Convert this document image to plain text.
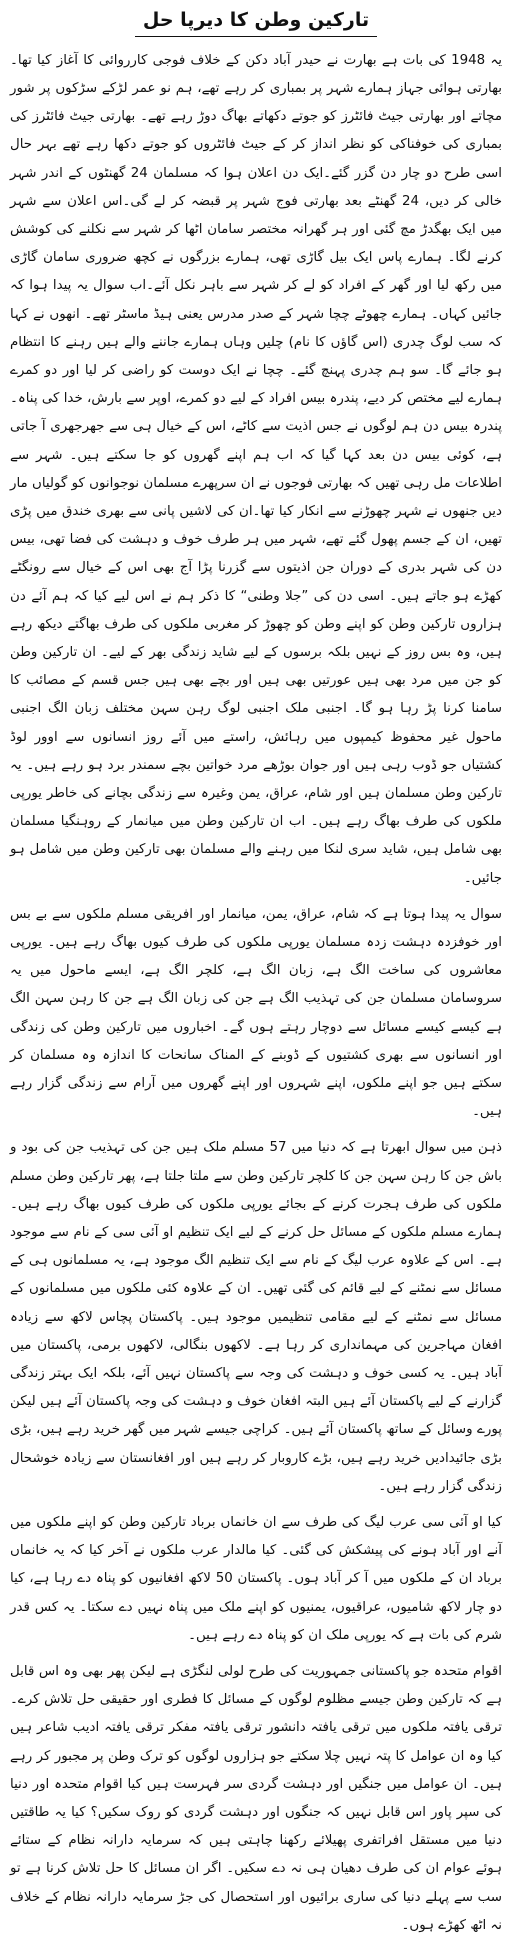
تارکین وطن کا دیرپا حل

یہ 1948 کی بات ہے بھارت نے حیدر آباد دکن کے خلاف فوجی کارروائی کا آغاز کیا تھا۔ بھارتی ہوائی جہاز ہمارے شہر پر بمباری کر رہے تھے، ہم نو عمر لڑکے سڑکوں پر شور مچاتے اور بھارتی جیٹ فائٹرز کو جوتے دکھاتے بھاگ دوڑ رہے تھے۔ بھارتی جیٹ فائٹرز کی بمباری کی خوفناکی کو نظر انداز کر کے جیٹ فائٹروں کو جوتے دکھا رہے تھے بہر حال اسی طرح دو چار دن گزر گئے۔ایک دن اعلان ہوا کہ مسلمان 24 گھنٹوں کے اندر شہر خالی کر دیں، 24 گھنٹے بعد بھارتی فوج شہر پر قبضہ کر لے گی۔اس اعلان سے شہر میں ایک بھگدڑ مچ گئی اور ہر گھرانہ مختصر سامان اٹھا کر شہر سے نکلنے کی کوشش کرنے لگا۔ ہمارے پاس ایک بیل گاڑی تھی، ہمارے بزرگوں نے کچھ ضروری سامان گاڑی میں رکھ لیا اور گھر کے افراد کو لے کر شہر سے باہر نکل آئے۔اب سوال یہ پیدا ہوا کہ جائیں کہاں۔ ہمارے چھوٹے چچا شہر کے صدر مدرس یعنی ہیڈ ماسٹر تھے۔ انھوں نے کہا کہ سب لوگ چدری (اس گاؤں کا نام) چلیں وہاں ہمارے جاننے والے ہیں رہنے کا انتظام ہو جائے گا۔ سو ہم چدری پہنچ گئے۔ چچا نے ایک دوست کو راضی کر لیا اور دو کمرے ہمارے لیے مختص کر دیے، پندرہ بیس افراد کے لیے دو کمرے، اوپر سے بارش، خدا کی پناہ۔ پندرہ بیس دن ہم لوگوں نے جس اذیت سے کاٹے، اس کے خیال ہی سے جھرجھری آ جاتی ہے، کوئی بیس دن بعد کہا گیا کہ اب ہم اپنے گھروں کو جا سکتے ہیں۔ شہر سے اطلاعات مل رہی تھیں کہ بھارتی فوجوں نے ان سرپھرے مسلمان نوجوانوں کو گولیاں مار دیں جنھوں نے شہر چھوڑنے سے انکار کیا تھا۔ان کی لاشیں پانی سے بھری خندق میں پڑی تھیں، ان کے جسم پھول گئے تھے، شہر میں ہر طرف خوف و دہشت کی فضا تھی، بیس دن کی شہر بدری کے دوران جن اذیتوں سے گزرنا پڑا آج بھی اس کے خیال سے رونگٹے کھڑے ہو جاتے ہیں۔ اسی دن کی ”جلا وطنی“ کا ذکر ہم نے اس لیے کیا کہ ہم آئے دن ہزاروں تارکین وطن کو اپنے وطن کو چھوڑ کر مغربی ملکوں کی طرف بھاگتے دیکھ رہے ہیں، وہ بس روز کے نہیں بلکہ برسوں کے لیے شاید زندگی بھر کے لیے۔ ان تارکین وطن کو جن میں مرد بھی ہیں عورتیں بھی ہیں اور بچے بھی ہیں جس قسم کے مصائب کا سامنا کرنا پڑ رہا ہو گا۔ اجنبی ملک اجنبی لوگ رہن سہن مختلف زبان الگ اجنبی ماحول غیر محفوظ کیمپوں میں رہائش، راستے میں آئے روز انسانوں سے اوور لوڈ کشتیاں جو ڈوب رہی ہیں اور جوان بوڑھے مرد خواتین بچے سمندر برد ہو رہے ہیں۔ یہ تارکین وطن مسلمان ہیں اور شام، عراق، یمن وغیرہ سے زندگی بچانے کی خاطر یورپی ملکوں کی طرف بھاگ رہے ہیں۔ اب ان تارکین وطن میں میانمار کے روہنگیا مسلمان بھی شامل ہیں، شاید سری لنکا میں رہنے والے مسلمان بھی تارکین وطن میں شامل ہو جائیں۔

سوال یہ پیدا ہوتا ہے کہ شام، عراق، یمن، میانمار اور افریقی مسلم ملکوں سے بے بس اور خوفزدہ دہشت زدہ مسلمان یورپی ملکوں کی طرف کیوں بھاگ رہے ہیں۔ یورپی معاشروں کی ساخت الگ ہے، زبان الگ ہے، کلچر الگ ہے، ایسے ماحول میں یہ سروسامان مسلمان جن کی تہذیب الگ ہے جن کی زبان الگ ہے جن کا رہن سہن الگ ہے کیسے کیسے مسائل سے دوچار رہتے ہوں گے۔ اخباروں میں تارکین وطن کی زندگی اور انسانوں سے بھری کشتیوں کے ڈوبنے کے المناک سانحات کا اندازہ وہ مسلمان کر سکتے ہیں جو اپنے ملکوں، اپنے شہروں اور اپنے گھروں میں آرام سے زندگی گزار رہے ہیں۔

ذہن میں سوال ابھرتا ہے کہ دنیا میں 57 مسلم ملک ہیں جن کی تہذیب جن کی بود و باش جن کا رہن سہن جن کا کلچر تارکین وطن سے ملتا جلتا ہے، پھر تارکین وطن مسلم ملکوں کی طرف ہجرت کرنے کے بجائے یورپی ملکوں کی طرف کیوں بھاگ رہے ہیں۔ ہمارے مسلم ملکوں کے مسائل حل کرنے کے لیے ایک تنظیم او آئی سی کے نام سے موجود ہے۔ اس کے علاوہ عرب لیگ کے نام سے ایک تنظیم الگ موجود ہے، یہ مسلمانوں ہی کے مسائل سے نمٹنے کے لیے قائم کی گئی تھیں۔ ان کے علاوہ کئی ملکوں میں مسلمانوں کے مسائل سے نمٹنے کے لیے مقامی تنظیمیں موجود ہیں۔ پاکستان پچاس لاکھ سے زیادہ افغان مہاجرین کی مہمانداری کر رہا ہے۔ لاکھوں بنگالی، لاکھوں برمی، پاکستان میں آباد ہیں۔ یہ کسی خوف و دہشت کی وجہ سے پاکستان نہیں آئے، بلکہ ایک بہتر زندگی گزارنے کے لیے پاکستان آئے ہیں البتہ افغان خوف و دہشت کی وجہ پاکستان آئے ہیں لیکن پورے وسائل کے ساتھ پاکستان آئے ہیں۔ کراچی جیسے شہر میں گھر خرید رہے ہیں، بڑی بڑی جائیدادیں خرید رہے ہیں، بڑے کاروبار کر رہے ہیں اور افغانستان سے زیادہ خوشحال زندگی گزار رہے ہیں۔

کیا او آئی سی عرب لیگ کی طرف سے ان خانماں برباد تارکین وطن کو اپنے ملکوں میں آنے اور آباد ہونے کی پیشکش کی گئی۔ کیا مالدار عرب ملکوں نے آخر کیا کہ یہ خانماں برباد ان کے ملکوں میں آ کر آباد ہوں۔ پاکستان 50 لاکھ افغانیوں کو پناہ دے رہا ہے، کیا دو چار لاکھ شامیوں، عراقیوں، یمنیوں کو اپنے ملک میں پناہ نہیں دے سکتا۔ یہ کس قدر شرم کی بات ہے کہ یورپی ملک ان کو پناہ دے رہے ہیں۔

اقوام متحدہ جو پاکستانی جمہوریت کی طرح لولی لنگڑی ہے لیکن پھر بھی وہ اس قابل ہے کہ تارکین وطن جیسے مظلوم لوگوں کے مسائل کا فطری اور حقیقی حل تلاش کرے۔ ترقی یافتہ ملکوں میں ترقی یافتہ دانشور ترقی یافتہ مفکر ترقی یافتہ ادیب شاعر ہیں کیا وہ ان عوامل کا پتہ نہیں چلا سکتے جو ہزاروں لوگوں کو ترک وطن پر مجبور کر رہے ہیں۔ ان عوامل میں جنگیں اور دہشت گردی سر فہرست ہیں کیا اقوام متحدہ اور دنیا کی سپر پاور اس قابل نہیں کہ جنگوں اور دہشت گردی کو روک سکیں؟ کیا یہ طاقتیں دنیا میں مستقل افراتفری پھیلائے رکھنا چاہتی ہیں کہ سرمایہ دارانہ نظام کے ستائے ہوئے عوام ان کی طرف دھیان ہی نہ دے سکیں۔ اگر ان مسائل کا حل تلاش کرنا ہے تو سب سے پہلے دنیا کی ساری برائیوں اور استحصال کی جڑ سرمایہ دارانہ نظام کے خلاف نہ اٹھ کھڑے ہوں۔
